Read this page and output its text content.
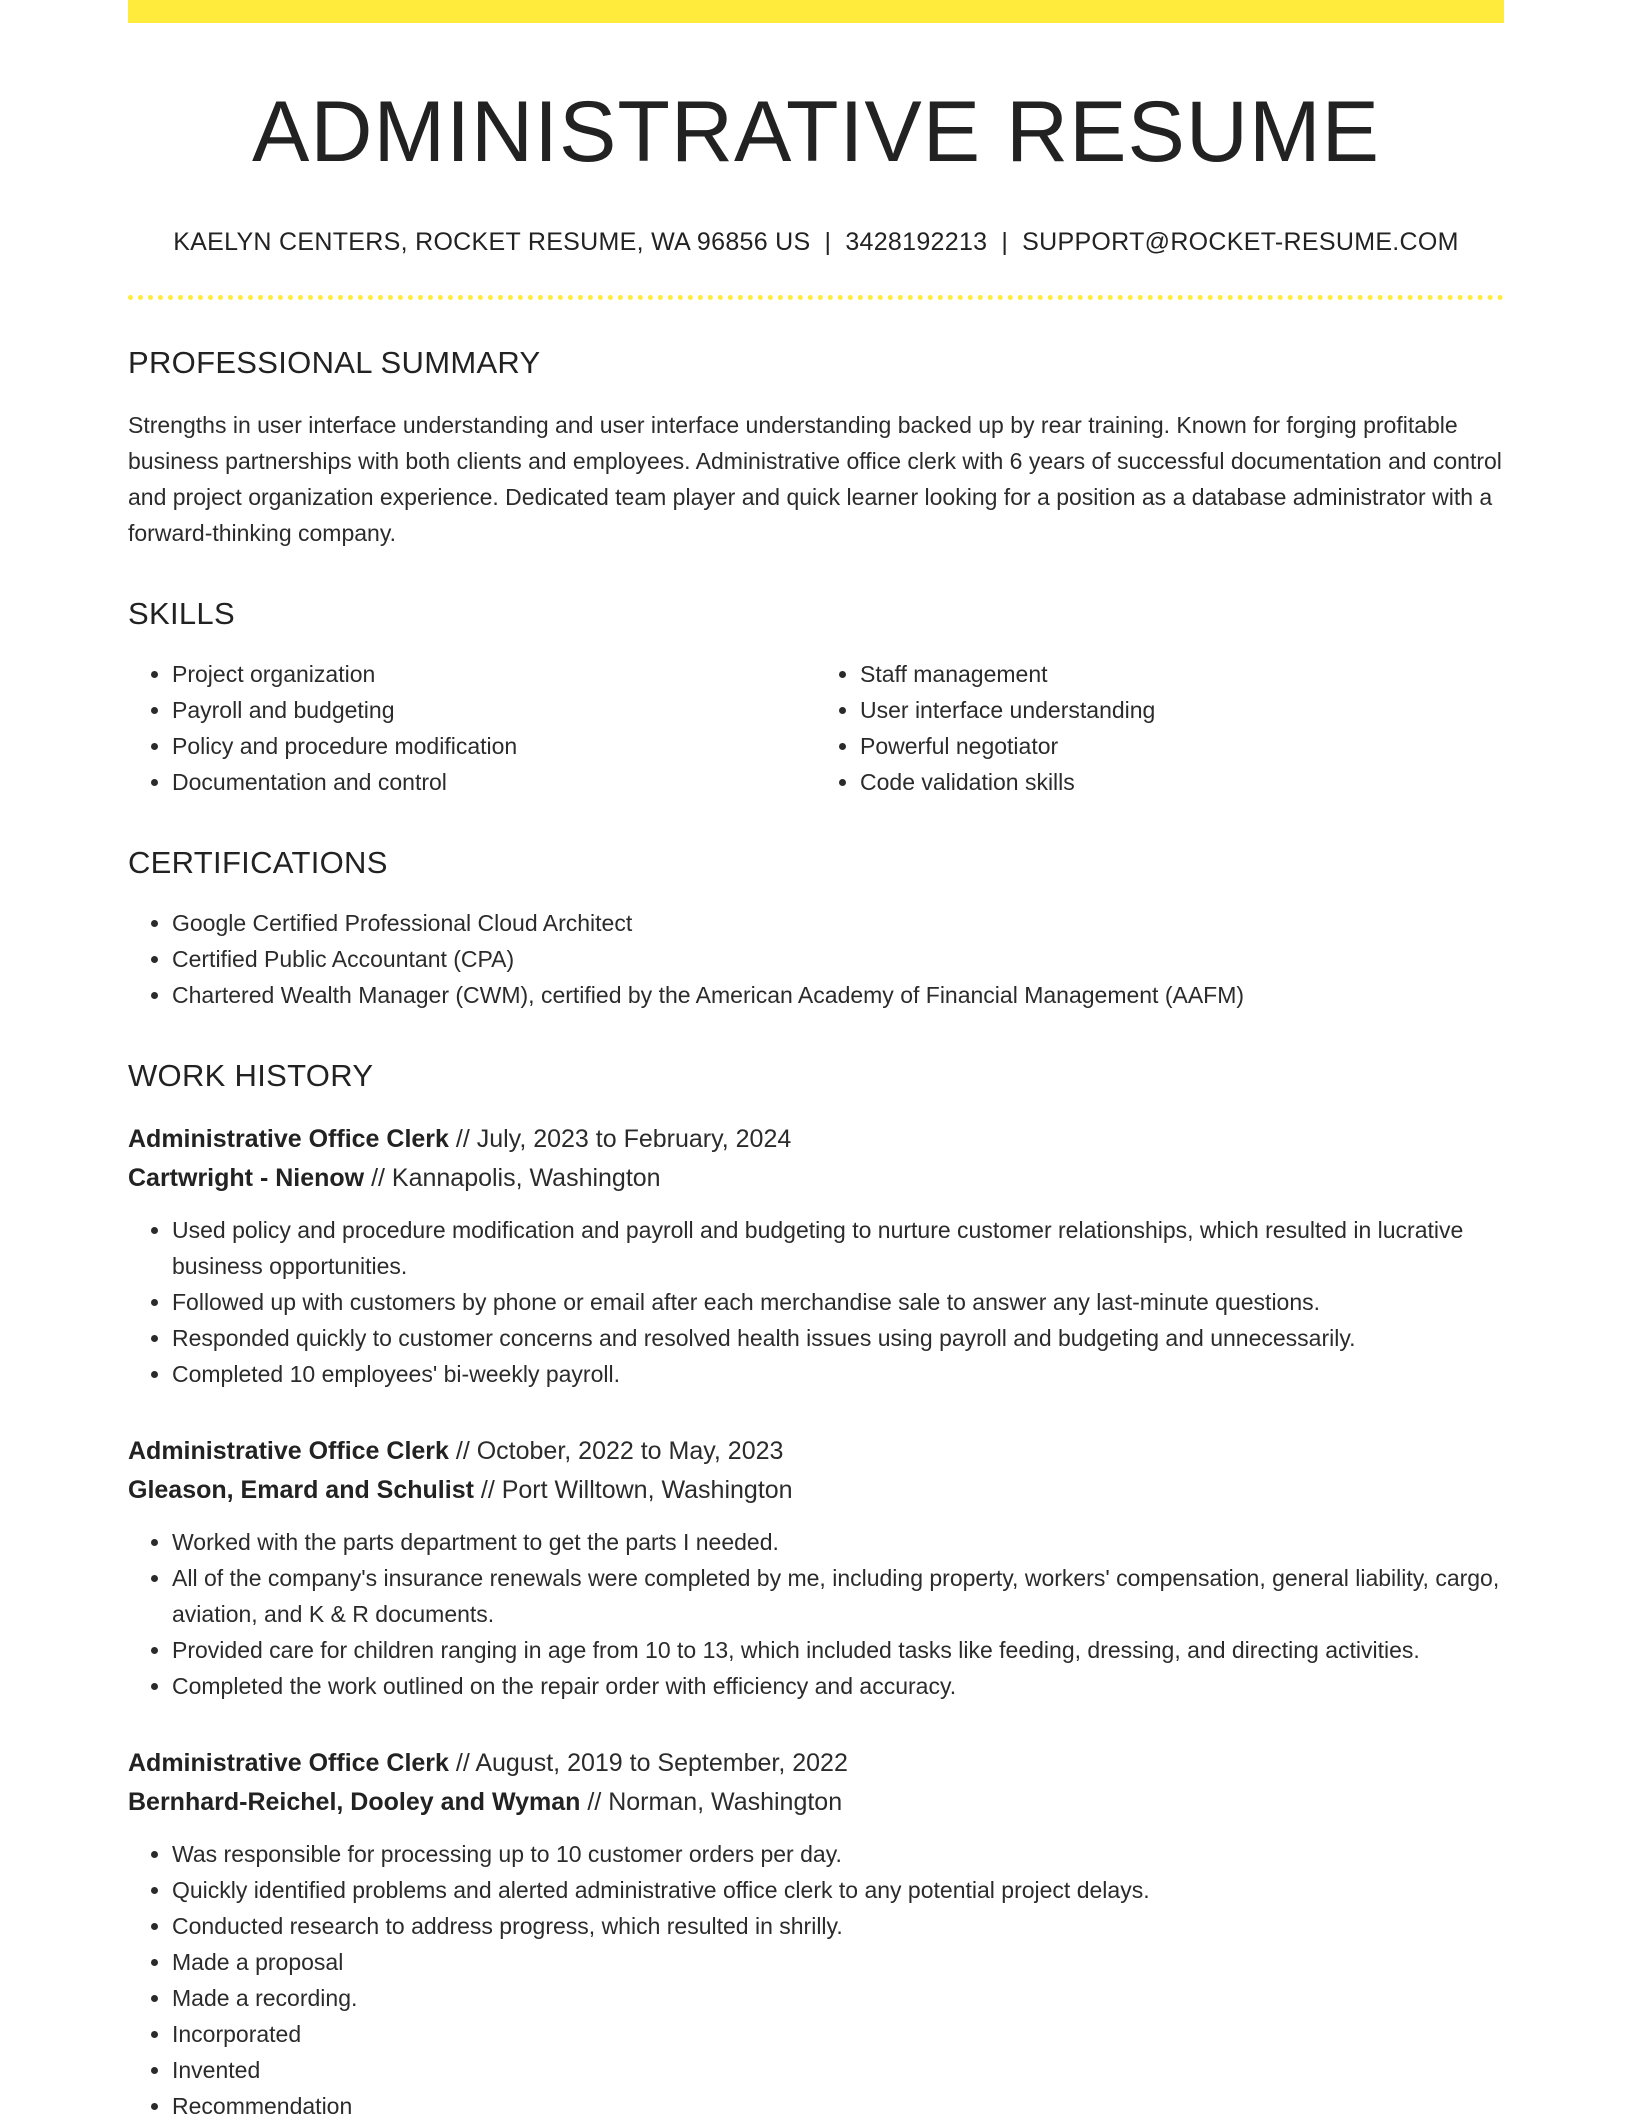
ADMINISTRATIVE RESUME
KAELYN CENTERS, ROCKET RESUME, WA 96856 US | 3428192213 | SUPPORT@ROCKET-RESUME.COM
PROFESSIONAL SUMMARY

Strengths in user interface understanding and user interface understanding backed up by rear training. Known for forging profitable business partnerships with both clients and employees. Administrative office clerk with 6 years of successful documentation and control and project organization experience. Dedicated team player and quick learner looking for a position as a database administrator with a forward-thinking company.

SKILLS
• Project organization
• Payroll and budgeting
• Policy and procedure modification
• Documentation and control
• Staff management
• User interface understanding
• Powerful negotiator
• Code validation skills
CERTIFICATIONS
• Google Certified Professional Cloud Architect
• Certified Public Accountant (CPA)
• Chartered Wealth Manager (CWM), certified by the American Academy of Financial Management (AAFM)
WORK HISTORY
Administrative Office Clerk // July, 2023 to February, 2024
Cartwright - Nienow // Kannapolis, Washington
• Used policy and procedure modification and payroll and budgeting to nurture customer relationships, which resulted in lucrative business opportunities.
• Followed up with customers by phone or email after each merchandise sale to answer any last-minute questions.
• Responded quickly to customer concerns and resolved health issues using payroll and budgeting and unnecessarily.
• Completed 10 employees' bi-weekly payroll.
Administrative Office Clerk // October, 2022 to May, 2023
Gleason, Emard and Schulist // Port Willtown, Washington
• Worked with the parts department to get the parts I needed.
• All of the company's insurance renewals were completed by me, including property, workers' compensation, general liability, cargo, aviation, and K & R documents.
• Provided care for children ranging in age from 10 to 13, which included tasks like feeding, dressing, and directing activities.
• Completed the work outlined on the repair order with efficiency and accuracy.
Administrative Office Clerk // August, 2019 to September, 2022
Bernhard-Reichel, Dooley and Wyman // Norman, Washington
• Was responsible for processing up to 10 customer orders per day.
• Quickly identified problems and alerted administrative office clerk to any potential project delays.
• Conducted research to address progress, which resulted in shrilly.
• Made a proposal
• Made a recording.
• Incorporated
• Invented
• Recommendation
